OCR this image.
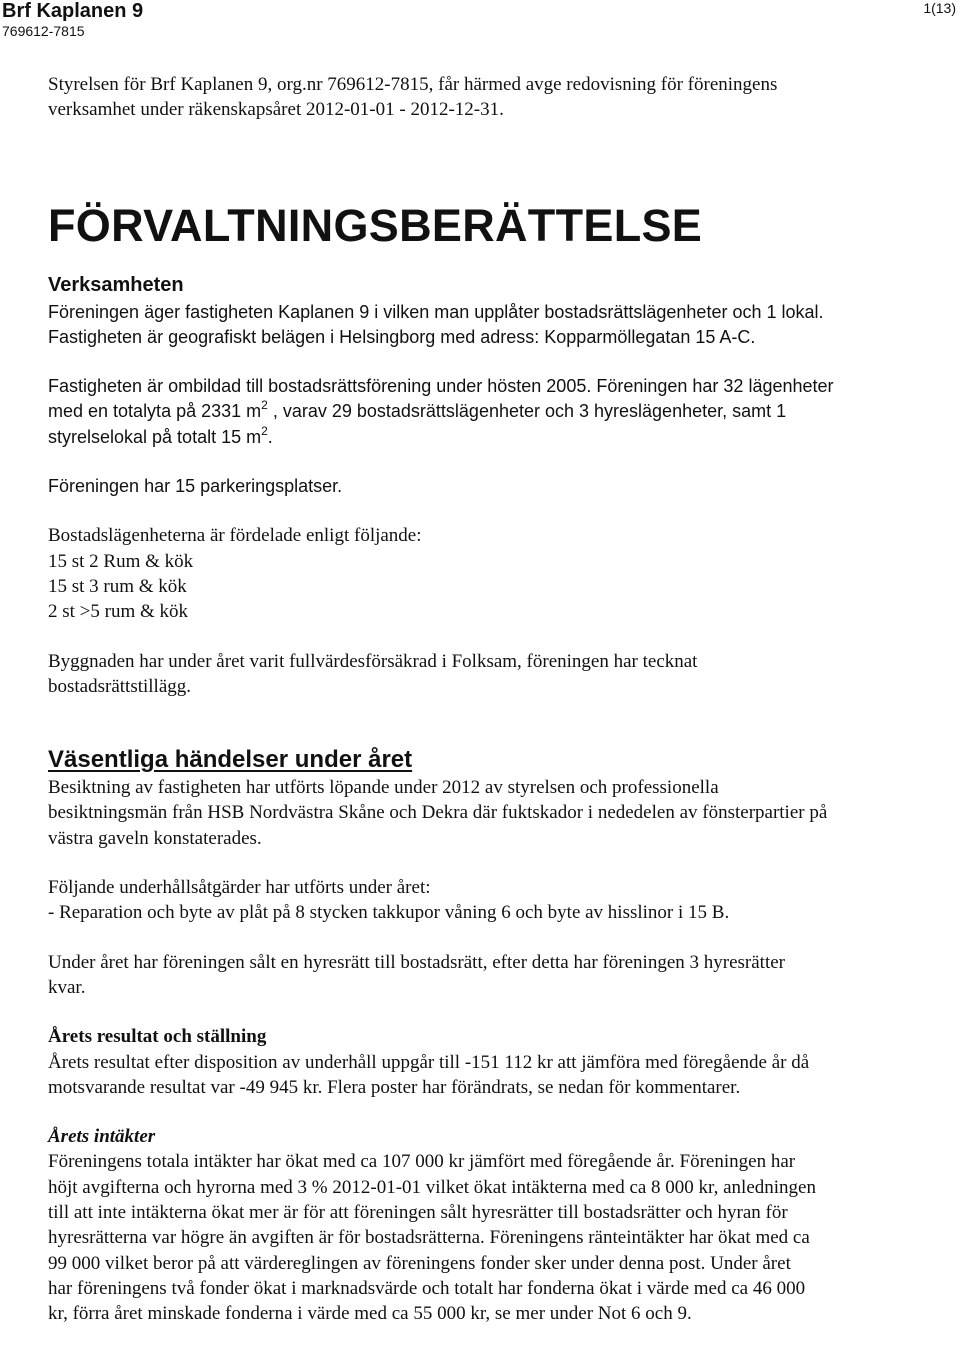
Brf Kaplanen 9
769612-7815
1(13)
Styrelsen för Brf Kaplanen 9, org.nr 769612-7815, får härmed avge redovisning för föreningens
verksamhet under räkenskapsåret 2012-01-01 - 2012-12-31.
FÖRVALTNINGSBERÄTTELSE
Verksamheten
Föreningen äger fastigheten Kaplanen 9 i vilken man upplåter bostadsrättslägenheter och 1 lokal.
Fastigheten är geografiskt belägen i Helsingborg med adress: Kopparmöllegatan 15 A-C.
Fastigheten är ombildad till bostadsrättsförening under hösten 2005. Föreningen har 32 lägenheter
med en totalyta på 2331 $m^2$ , varav 29 bostadsrättslägenheter och 3 hyreslägenheter, samt 1
styrelselokal på totalt 15 $m^2$.
Föreningen har 15 parkeringsplatser.
Bostadslägenheterna är fördelade enligt följande:
15 st 2 Rum & kök
15 st 3 rum & kök
2 st >5 rum & kök
Byggnaden har under året varit fullvärdesförsäkrad i Folksam, föreningen har tecknat
bostadsrättstillägg.
Väsentliga händelser under året
Besiktning av fastigheten har utförts löpande under 2012 av styrelsen och professionella
besiktningsmän från HSB Nordvästra Skåne och Dekra där fuktskador i nededelen av fönsterpartier på
västra gaveln konstaterades.
Följande underhållsåtgärder har utförts under året:
- Reparation och byte av plåt på 8 stycken takkupor våning 6 och byte av hisslinor i 15 B.
Under året har föreningen sålt en hyresrätt till bostadsrätt, efter detta har föreningen 3 hyresrätter
kvar.
Årets resultat och ställning
Årets resultat efter disposition av underhåll uppgår till -151 112 kr att jämföra med föregående år då
motsvarande resultat var -49 945 kr. Flera poster har förändrats, se nedan för kommentarer.
Årets intäkter
Föreningens totala intäkter har ökat med ca 107 000 kr jämfört med föregående år. Föreningen har
höjt avgifterna och hyrorna med 3 % 2012-01-01 vilket ökat intäkterna med ca 8 000 kr, anledningen
till att inte intäkterna ökat mer är för att föreningen sålt hyresrätter till bostadsrätter och hyran för
hyresrätterna var högre än avgiften är för bostadsrätterna. Föreningens ränteintäkter har ökat med ca
99 000 vilket beror på att värdereglingen av föreningens fonder sker under denna post. Under året
har föreningens två fonder ökat i marknadsvärde och totalt har fonderna ökat i värde med ca 46 000
kr, förra året minskade fonderna i värde med ca 55 000 kr, se mer under Not 6 och 9.
